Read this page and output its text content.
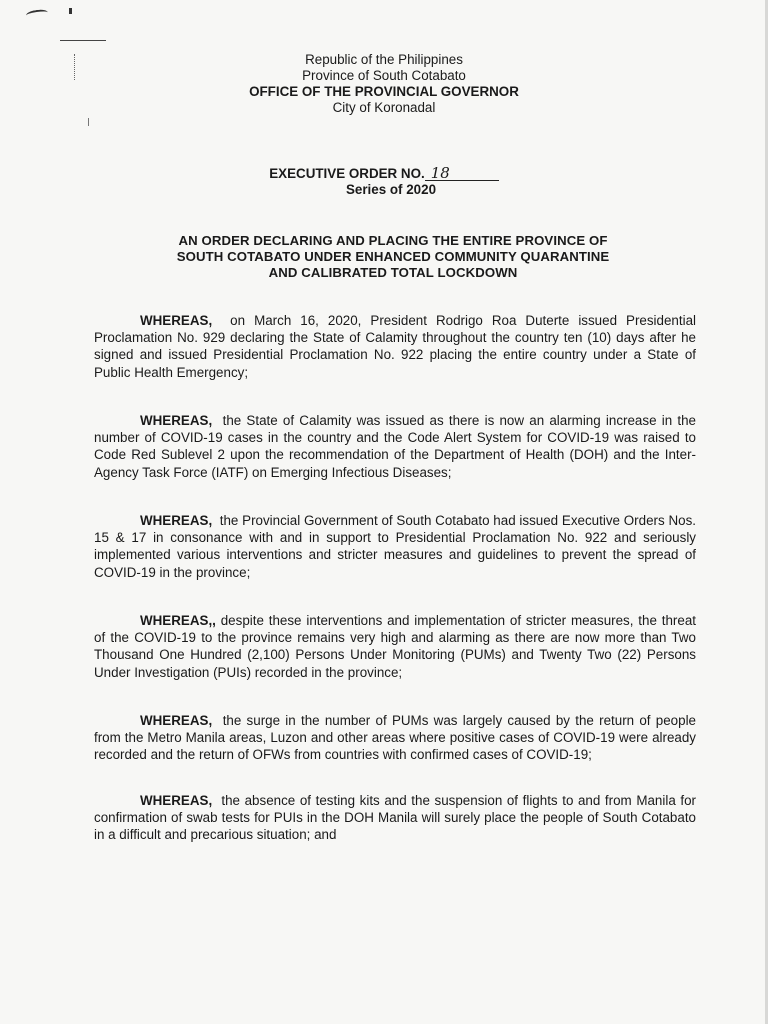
Republic of the Philippines
Province of South Cotabato
OFFICE OF THE PROVINCIAL GOVERNOR
City of Koronadal
EXECUTIVE ORDER NO. 18
Series of 2020
AN ORDER DECLARING AND PLACING THE ENTIRE PROVINCE OF
SOUTH COTABATO UNDER ENHANCED COMMUNITY QUARANTINE
AND CALIBRATED TOTAL LOCKDOWN

WHEREAS, on March 16, 2020, President Rodrigo Roa Duterte issued Presidential Proclamation No. 929 declaring the State of Calamity throughout the country ten (10) days after he signed and issued Presidential Proclamation No. 922 placing the entire country under a State of Public Health Emergency;

WHEREAS, the State of Calamity was issued as there is now an alarming increase in the number of COVID-19 cases in the country and the Code Alert System for COVID-19 was raised to Code Red Sublevel 2 upon the recommendation of the Department of Health (DOH) and the Inter-Agency Task Force (IATF) on Emerging Infectious Diseases;

WHEREAS, the Provincial Government of South Cotabato had issued Executive Orders Nos. 15 & 17 in consonance with and in support to Presidential Proclamation No. 922 and seriously implemented various interventions and stricter measures and guidelines to prevent the spread of COVID-19 in the province;

WHEREAS,, despite these interventions and implementation of stricter measures, the threat of the COVID-19 to the province remains very high and alarming as there are now more than Two Thousand One Hundred (2,100) Persons Under Monitoring (PUMs) and Twenty Two (22) Persons Under Investigation (PUIs) recorded in the province;

WHEREAS, the surge in the number of PUMs was largely caused by the return of people from the Metro Manila areas, Luzon and other areas where positive cases of COVID-19 were already recorded and the return of OFWs from countries with confirmed cases of COVID-19;

WHEREAS, the absence of testing kits and the suspension of flights to and from Manila for confirmation of swab tests for PUIs in the DOH Manila will surely place the people of South Cotabato in a difficult and precarious situation; and
